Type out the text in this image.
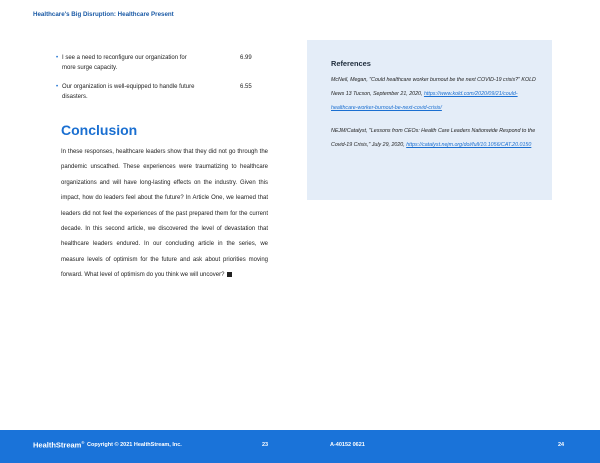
Healthcare's Big Disruption: Healthcare Present
• I see a need to reconfigure our organization for more surge capacity.
6.99
• Our organization is well-equipped to handle future disasters.
6.55
Conclusion
In these responses, healthcare leaders show that they did not go through the pandemic unscathed. These experiences were traumatizing to healthcare organizations and will have long-lasting effects on the industry. Given this impact, how do leaders feel about the future? In Article One, we learned that leaders did not feel the experiences of the past prepared them for the current decade. In this second article, we discovered the level of devastation that healthcare leaders endured. In our concluding article in the series, we measure levels of optimism for the future and ask about priorities moving forward. What level of optimism do you think we will uncover?
References
McNeil, Megan, "Could healthcare worker burnout be the next COVID-19 crisis?" KOLD News 13 Tucson, September 21, 2020, https://www.kold.com/2020/09/21/could-healthcare-worker-burnout-be-next-covid-crisis/
NEJM/Catalyst, "Lessons from CEOs: Health Care Leaders Nationwide Respond to the Covid-19 Crisis," July 29, 2020, https://catalyst.nejm.org/doi/full/10.1056/CAT.20.0150
HealthStream® Copyright © 2021 HealthStream, Inc.	23	A-40152 0621	24
